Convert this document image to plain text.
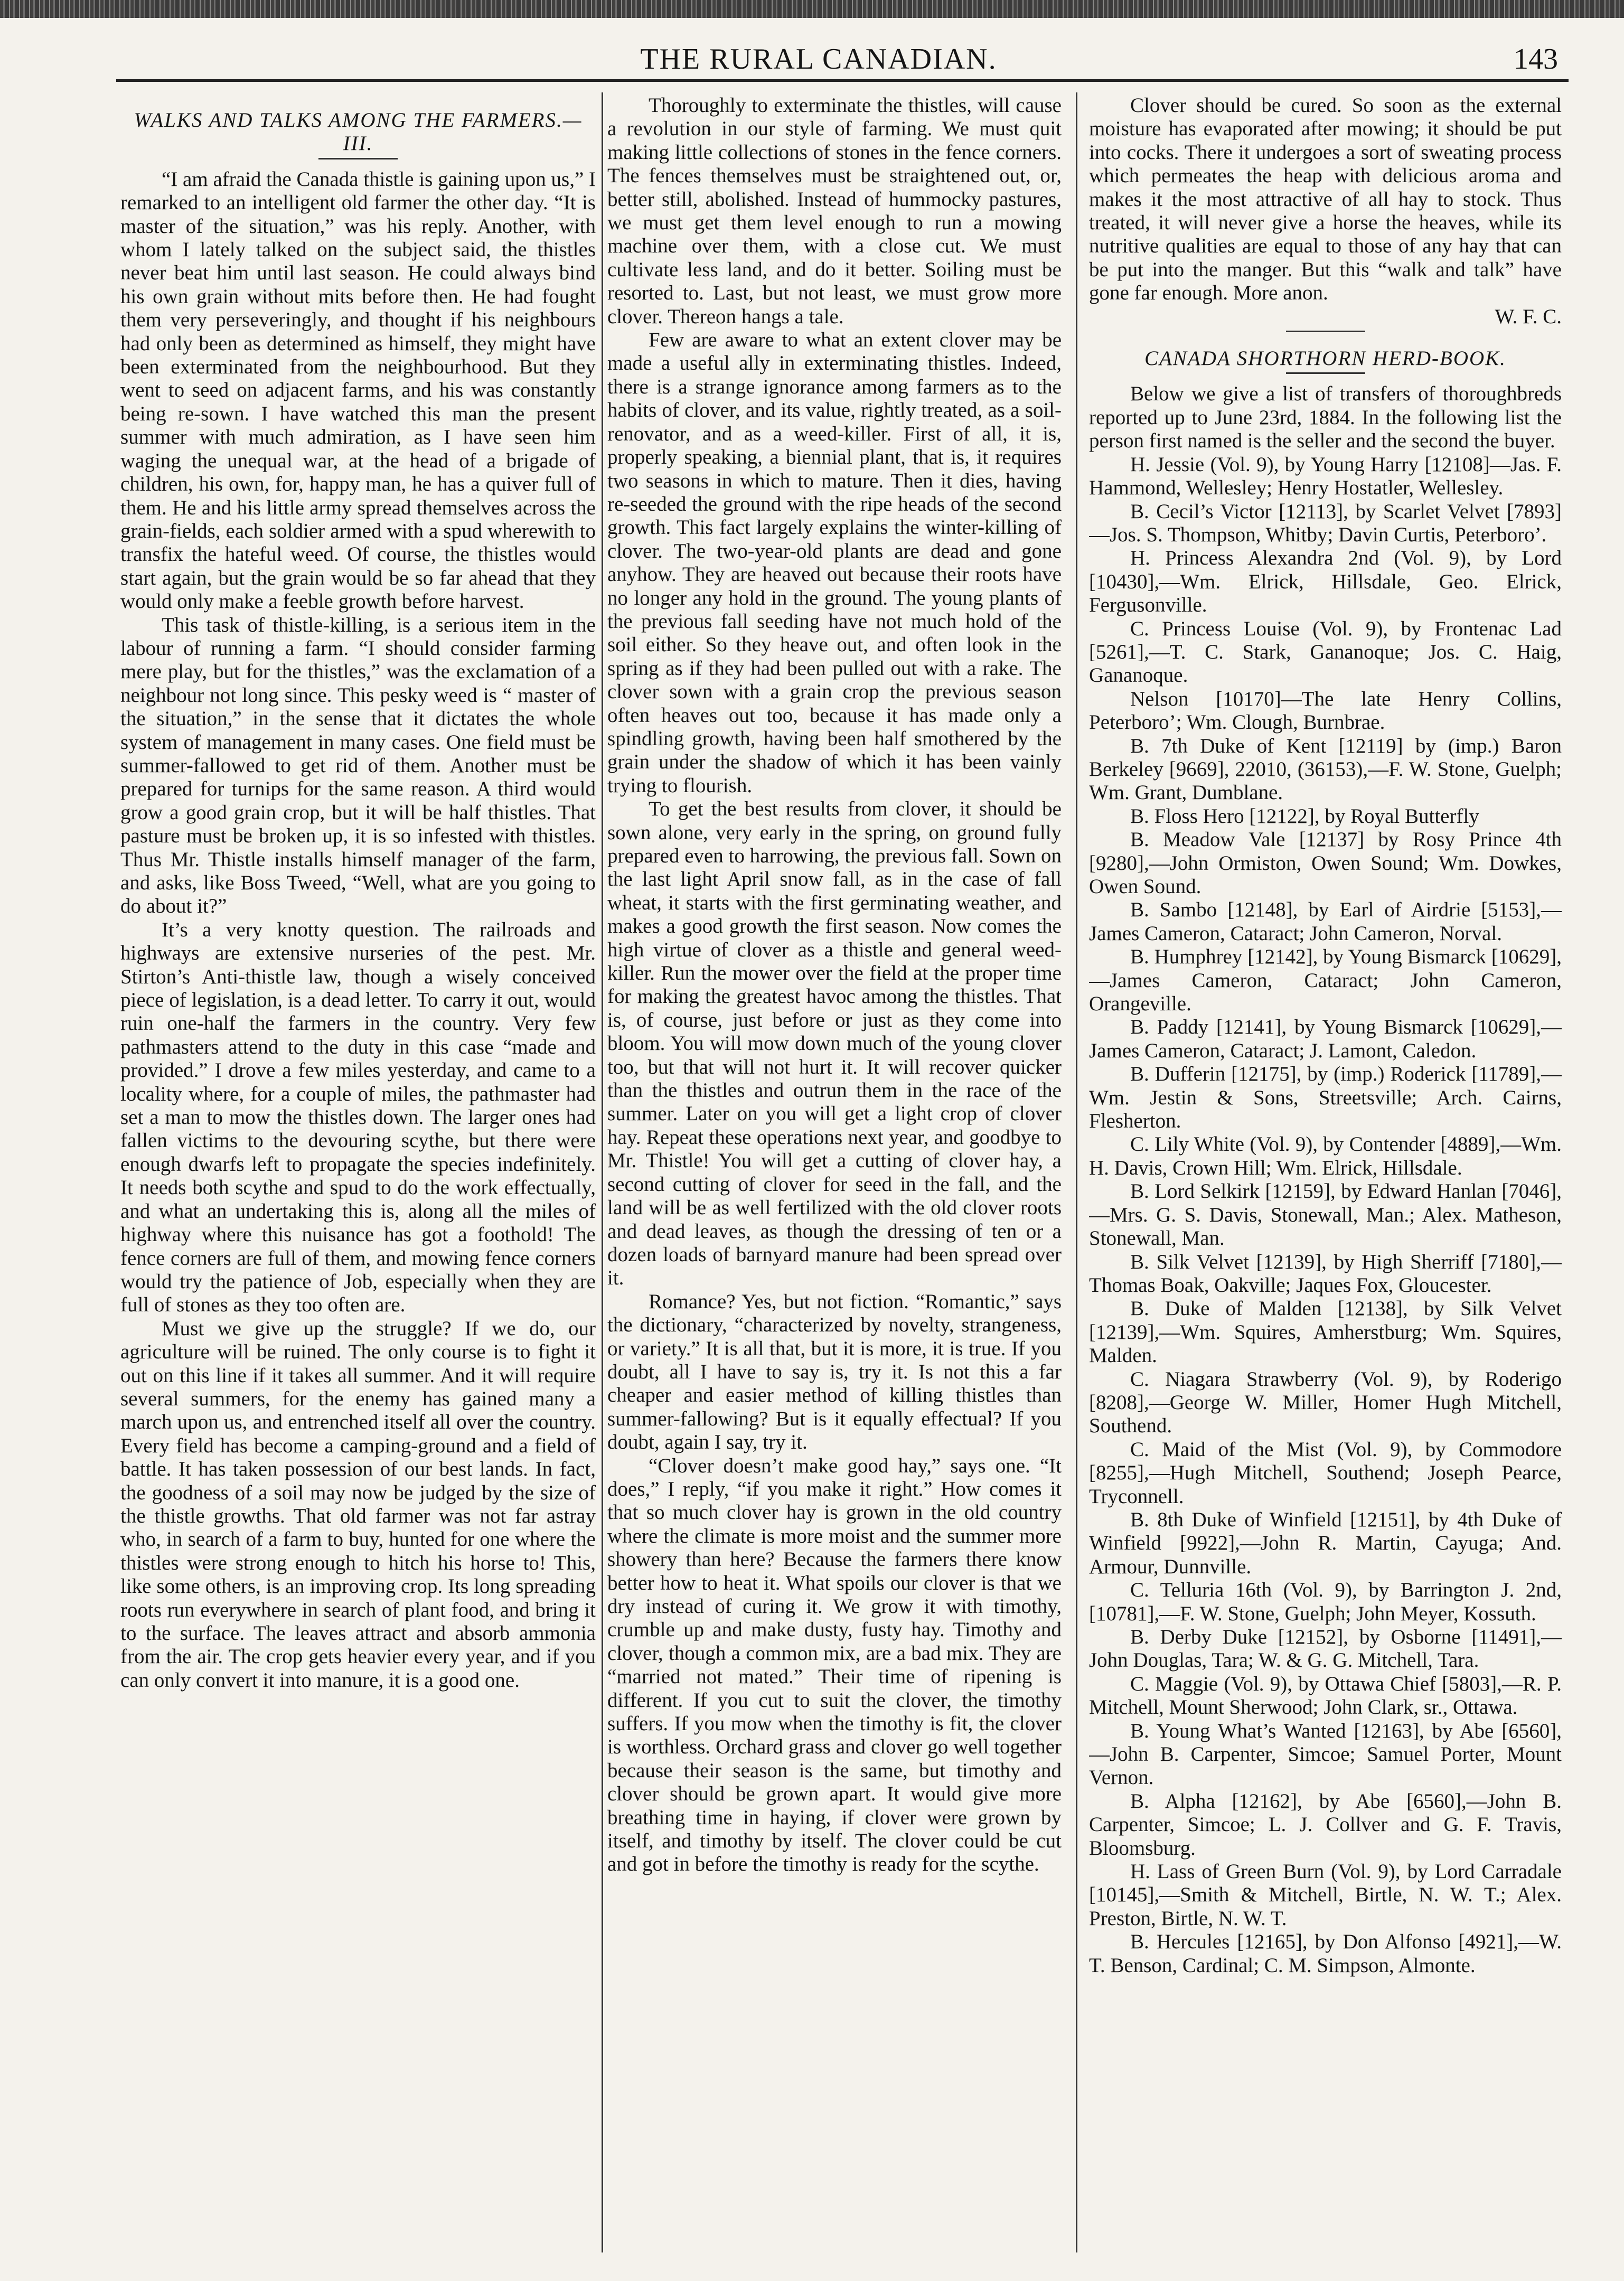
THE RURAL CANADIAN.	143
WALKS AND TALKS AMONG THE FARMERS.—III.

“I am afraid the Canada thistle is gaining upon us,” I remarked to an intelligent old farmer the other day. “It is master of the situation,” was his reply. Another, with whom I lately talked on the subject said, the thistles never beat him until last season. He could always bind his own grain without mits before then. He had fought them very perseveringly, and thought if his neighbours had only been as determined as himself, they might have been exterminated from the neighbourhood. But they went to seed on adjacent farms, and his was constantly being re-sown. I have watched this man the present summer with much admiration, as I have seen him waging the unequal war, at the head of a brigade of children, his own, for, happy man, he has a quiver full of them. He and his little army spread themselves across the grain-fields, each soldier armed with a spud wherewith to transfix the hateful weed. Of course, the thistles would start again, but the grain would be so far ahead that they would only make a feeble growth before harvest.

This task of thistle-killing, is a serious item in the labour of running a farm. “I should consider farming mere play, but for the thistles,” was the exclamation of a neighbour not long since. This pesky weed is “ master of the situation,” in the sense that it dictates the whole system of management in many cases. One field must be summer-fallowed to get rid of them. Another must be prepared for turnips for the same reason. A third would grow a good grain crop, but it will be half thistles. That pasture must be broken up, it is so infested with thistles. Thus Mr. Thistle installs himself manager of the farm, and asks, like Boss Tweed, “Well, what are you going to do about it?”

It’s a very knotty question. The railroads and highways are extensive nurseries of the pest. Mr. Stirton’s Anti-thistle law, though a wisely conceived piece of legislation, is a dead letter. To carry it out, would ruin one-half the farmers in the country. Very few pathmasters attend to the duty in this case “made and provided.” I drove a few miles yesterday, and came to a locality where, for a couple of miles, the pathmaster had set a man to mow the thistles down. The larger ones had fallen victims to the devouring scythe, but there were enough dwarfs left to propagate the species indefinitely. It needs both scythe and spud to do the work effectually, and what an undertaking this is, along all the miles of highway where this nuisance has got a foothold! The fence corners are full of them, and mowing fence corners would try the patience of Job, especially when they are full of stones as they too often are.

Must we give up the struggle? If we do, our agriculture will be ruined. The only course is to fight it out on this line if it takes all summer. And it will require several summers, for the enemy has gained many a march upon us, and entrenched itself all over the country. Every field has become a camping-ground and a field of battle. It has taken possession of our best lands. In fact, the goodness of a soil may now be judged by the size of the thistle growths. That old farmer was not far astray who, in search of a farm to buy, hunted for one where the thistles were strong enough to hitch his horse to! This, like some others, is an improving crop. Its long spreading roots run everywhere in search of plant food, and bring it to the surface. The leaves attract and absorb ammonia from the air. The crop gets heavier every year, and if you can only convert it into manure, it is a good one.

Thoroughly to exterminate the thistles, will cause a revolution in our style of farming. We must quit making little collections of stones in the fence corners. The fences themselves must be straightened out, or, better still, abolished. Instead of hummocky pastures, we must get them level enough to run a mowing machine over them, with a close cut. We must cultivate less land, and do it better. Soiling must be resorted to. Last, but not least, we must grow more clover. Thereon hangs a tale.

Few are aware to what an extent clover may be made a useful ally in exterminating thistles. Indeed, there is a strange ignorance among farmers as to the habits of clover, and its value, rightly treated, as a soil-renovator, and as a weed-killer. First of all, it is, properly speaking, a biennial plant, that is, it requires two seasons in which to mature. Then it dies, having re-seeded the ground with the ripe heads of the second growth. This fact largely explains the winter-killing of clover. The two-year-old plants are dead and gone anyhow. They are heaved out because their roots have no longer any hold in the ground. The young plants of the previous fall seeding have not much hold of the soil either. So they heave out, and often look in the spring as if they had been pulled out with a rake. The clover sown with a grain crop the previous season often heaves out too, because it has made only a spindling growth, having been half smothered by the grain under the shadow of which it has been vainly trying to flourish.

To get the best results from clover, it should be sown alone, very early in the spring, on ground fully prepared even to harrowing, the previous fall. Sown on the last light April snow fall, as in the case of fall wheat, it starts with the first germinating weather, and makes a good growth the first season. Now comes the high virtue of clover as a thistle and general weed-killer. Run the mower over the field at the proper time for making the greatest havoc among the thistles. That is, of course, just before or just as they come into bloom. You will mow down much of the young clover too, but that will not hurt it. It will recover quicker than the thistles and outrun them in the race of the summer. Later on you will get a light crop of clover hay. Repeat these operations next year, and goodbye to Mr. Thistle! You will get a cutting of clover hay, a second cutting of clover for seed in the fall, and the land will be as well fertilized with the old clover roots and dead leaves, as though the dressing of ten or a dozen loads of barnyard manure had been spread over it.

Romance? Yes, but not fiction. “Romantic,” says the dictionary, “characterized by novelty, strangeness, or variety.” It is all that, but it is more, it is true. If you doubt, all I have to say is, try it. Is not this a far cheaper and easier method of killing thistles than summer-fallowing? But is it equally effectual? If you doubt, again I say, try it.

“Clover doesn’t make good hay,” says one. “It does,” I reply, “if you make it right.” How comes it that so much clover hay is grown in the old country where the climate is more moist and the summer more showery than here? Because the farmers there know better how to heat it. What spoils our clover is that we dry instead of curing it. We grow it with timothy, crumble up and make dusty, fusty hay. Timothy and clover, though a common mix, are a bad mix. They are “married not mated.” Their time of ripening is different. If you cut to suit the clover, the timothy suffers. If you mow when the timothy is fit, the clover is worthless. Orchard grass and clover go well together because their season is the same, but timothy and clover should be grown apart. It would give more breathing time in haying, if clover were grown by itself, and timothy by itself. The clover could be cut and got in before the timothy is ready for the scythe.

Clover should be cured. So soon as the external moisture has evaporated after mowing; it should be put into cocks. There it undergoes a sort of sweating process which permeates the heap with delicious aroma and makes it the most attractive of all hay to stock. Thus treated, it will never give a horse the heaves, while its nutritive qualities are equal to those of any hay that can be put into the manger. But this “walk and talk” have gone far enough. More anon.

W. F. C.

CANADA SHORTHORN HERD-BOOK.

Below we give a list of transfers of thoroughbreds reported up to June 23rd, 1884. In the following list the person first named is the seller and the second the buyer.

H. Jessie (Vol. 9), by Young Harry [12108]—Jas. F. Hammond, Wellesley; Henry Hostatler, Wellesley.

B. Cecil’s Victor [12113], by Scarlet Velvet [7893]—Jos. S. Thompson, Whitby; Davin Curtis, Peterboro’.

H. Princess Alexandra 2nd (Vol. 9), by Lord [10430],—Wm. Elrick, Hillsdale, Geo. Elrick, Fergusonville.

C. Princess Louise (Vol. 9), by Frontenac Lad [5261],—T. C. Stark, Gananoque; Jos. C. Haig, Gananoque.

Nelson [10170]—The late Henry Collins, Peterboro’; Wm. Clough, Burnbrae.

B. 7th Duke of Kent [12119] by (imp.) Baron Berkeley [9669], 22010, (36153),—F. W. Stone, Guelph; Wm. Grant, Dumblane.

B. Floss Hero [12122], by Royal Butterfly

B. Meadow Vale [12137] by Rosy Prince 4th [9280],—John Ormiston, Owen Sound; Wm. Dowkes, Owen Sound.

B. Sambo [12148], by Earl of Airdrie [5153],—James Cameron, Cataract; John Cameron, Norval.

B. Humphrey [12142], by Young Bismarck [10629],—James Cameron, Cataract; John Cameron, Orangeville.

B. Paddy [12141], by Young Bismarck [10629],—James Cameron, Cataract; J. Lamont, Caledon.

B. Dufferin [12175], by (imp.) Roderick [11789],—Wm. Jestin & Sons, Streetsville; Arch. Cairns, Flesherton.

C. Lily White (Vol. 9), by Contender [4889],—Wm. H. Davis, Crown Hill; Wm. Elrick, Hillsdale.

B. Lord Selkirk [12159], by Edward Hanlan [7046],—Mrs. G. S. Davis, Stonewall, Man.; Alex. Matheson, Stonewall, Man.

B. Silk Velvet [12139], by High Sherriff [7180],—Thomas Boak, Oakville; Jaques Fox, Gloucester.

B. Duke of Malden [12138], by Silk Velvet [12139],—Wm. Squires, Amherstburg; Wm. Squires, Malden.

C. Niagara Strawberry (Vol. 9), by Roderigo [8208],—George W. Miller, Homer Hugh Mitchell, Southend.

C. Maid of the Mist (Vol. 9), by Commodore [8255],—Hugh Mitchell, Southend; Joseph Pearce, Tryconnell.

B. 8th Duke of Winfield [12151], by 4th Duke of Winfield [9922],—John R. Martin, Cayuga; And. Armour, Dunnville.

C. Telluria 16th (Vol. 9), by Barrington J. 2nd, [10781],—F. W. Stone, Guelph; John Meyer, Kossuth.

B. Derby Duke [12152], by Osborne [11491],—John Douglas, Tara; W. & G. G. Mitchell, Tara.

C. Maggie (Vol. 9), by Ottawa Chief [5803],—R. P. Mitchell, Mount Sherwood; John Clark, sr., Ottawa.

B. Young What’s Wanted [12163], by Abe [6560],—John B. Carpenter, Simcoe; Samuel Porter, Mount Vernon.

B. Alpha [12162], by Abe [6560],—John B. Carpenter, Simcoe; L. J. Collver and G. F. Travis, Bloomsburg.

H. Lass of Green Burn (Vol. 9), by Lord Carradale [10145],—Smith & Mitchell, Birtle, N. W. T.; Alex. Preston, Birtle, N. W. T.

B. Hercules [12165], by Don Alfonso [4921],—W. T. Benson, Cardinal; C. M. Simpson, Almonte.
